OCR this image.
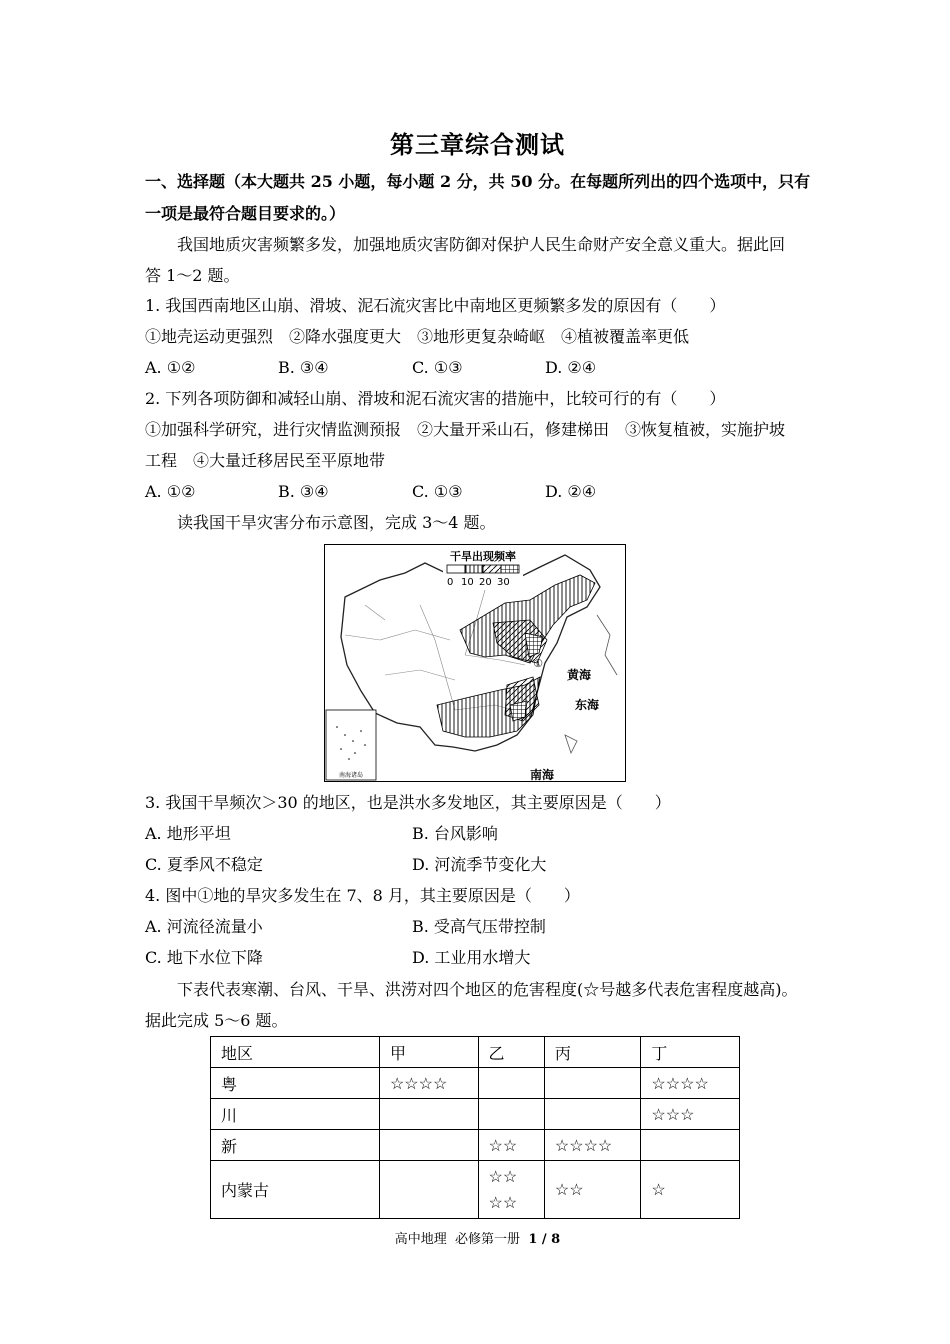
第三章综合测试
一、选择题（本大题共 25 小题，每小题 2 分，共 50 分。在每题所列出的四个选项中，只有
一项是最符合题目要求的。）
我国地质灾害频繁多发，加强地质灾害防御对保护人民生命财产安全意义重大。据此回
答 1～2 题。
1. 我国西南地区山崩、滑坡、泥石流灾害比中南地区更频繁多发的原因有（　　）
①地壳运动更强烈　②降水强度更大　③地形更复杂崎岖　④植被覆盖率更低
A. ①②	B. ③④	C. ①③	D. ②④
2. 下列各项防御和减轻山崩、滑坡和泥石流灾害的措施中，比较可行的有（　　）
①加强科学研究，进行灾情监测预报　②大量开采山石，修建梯田　③恢复植被，实施护坡
工程　④大量迁移居民至平原地带
A. ①②	B. ③④	C. ①③	D. ②④
读我国干旱灾害分布示意图，完成 3～4 题。
干旱出现频率
0 10 20 30
①
黄海
东海
南海
南海诸岛
3. 我国干旱频次＞30 的地区，也是洪水多发地区，其主要原因是（　　）
A. 地形平坦	B. 台风影响
C. 夏季风不稳定	D. 河流季节变化大
4. 图中①地的旱灾多发生在 7、8 月，其主要原因是（　　）
A. 河流径流量小	B. 受高气压带控制
C. 地下水位下降	D. 工业用水增大
下表代表寒潮、台风、干旱、洪涝对四个地区的危害程度(☆号越多代表危害程度越高)。
据此完成 5～6 题。
地区	甲	乙	丙	丁
粤	☆☆☆☆			☆☆☆☆
川				☆☆☆
新		☆☆	☆☆☆☆	
内蒙古		☆☆
☆☆	☆☆	☆
高中地理  必修第一册  1 / 8
